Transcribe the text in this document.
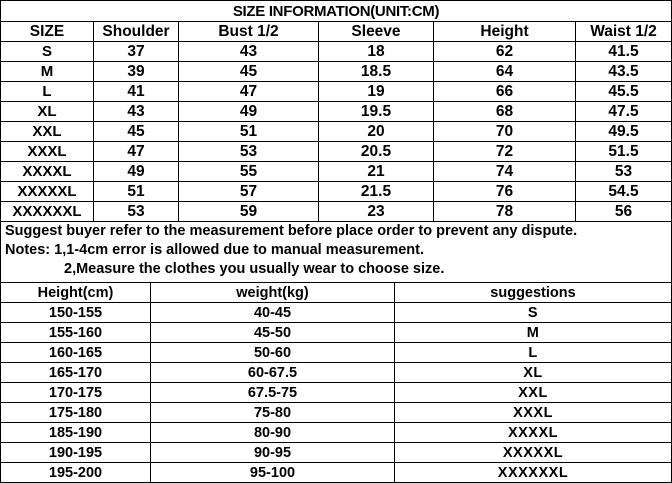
SIZE INFORMATION(UNIT:CM)					
SIZE	Shoulder	Bust 1/2	Sleeve	Height	Waist 1/2
S	37	43	18	62	41.5
M	39	45	18.5	64	43.5
L	41	47	19	66	45.5
XL	43	49	19.5	68	47.5
XXL	45	51	20	70	49.5
XXXL	47	53	20.5	72	51.5
XXXXL	49	55	21	74	53
XXXXXL	51	57	21.5	76	54.5
XXXXXXL	53	59	23	78	56
Suggest buyer refer to the measurement before place order to prevent any dispute.
Notes: 1,1-4cm error is allowed due to manual measurement.
2,Measure the clothes you usually wear to choose size.
Height(cm)	weight(kg)	suggestions
150-155	40-45	S
155-160	45-50	M
160-165	50-60	L
165-170	60-67.5	XL
170-175	67.5-75	XXL
175-180	75-80	XXXL
185-190	80-90	XXXXL
190-195	90-95	XXXXXL
195-200	95-100	XXXXXXL
